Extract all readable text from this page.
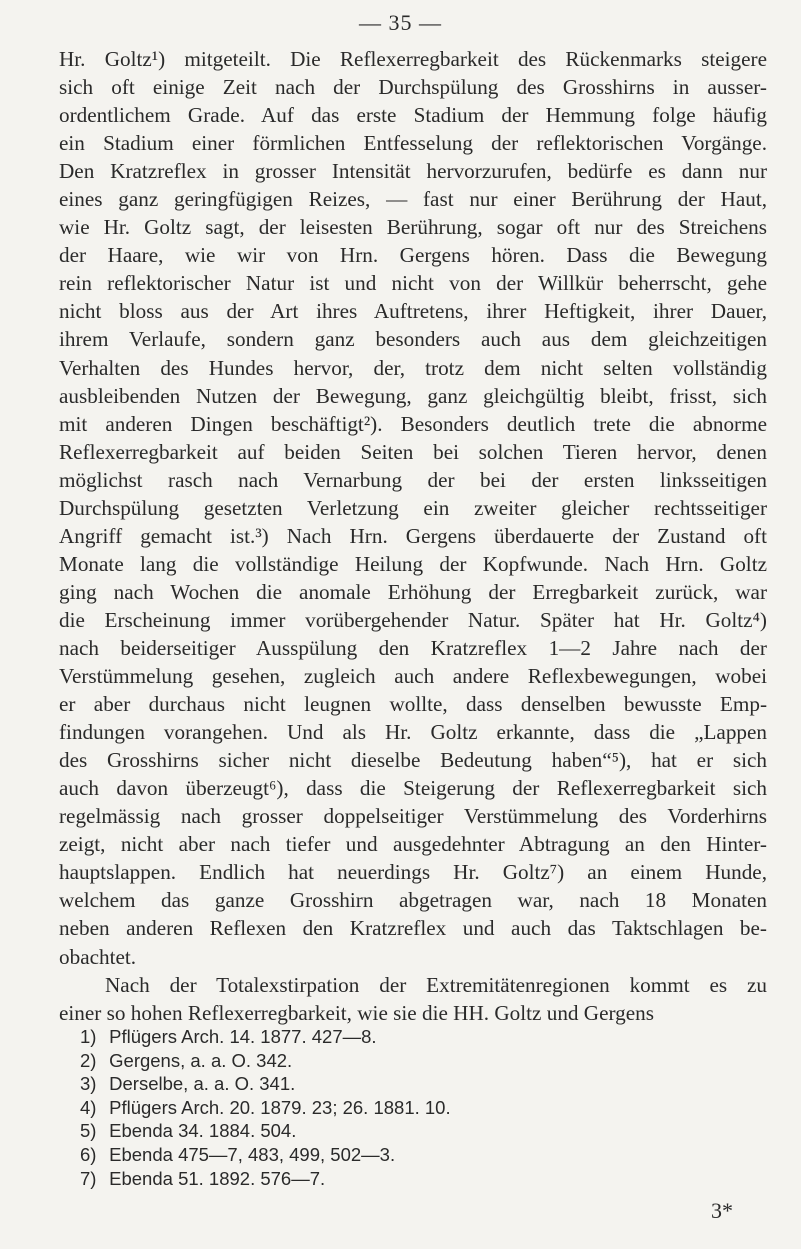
— 35 —

Hr. Goltz¹) mitgeteilt. Die Reflexerregbarkeit des Rückenmarks steigere
sich oft einige Zeit nach der Durchspülung des Grosshirns in ausser-
ordentlichem Grade. Auf das erste Stadium der Hemmung folge häufig
ein Stadium einer förmlichen Entfesselung der reflektorischen Vorgänge.
Den Kratzreflex in grosser Intensität hervorzurufen, bedürfe es dann nur
eines ganz geringfügigen Reizes, — fast nur einer Berührung der Haut,
wie Hr. Goltz sagt, der leisesten Berührung, sogar oft nur des Streichens
der Haare, wie wir von Hrn. Gergens hören. Dass die Bewegung
rein reflektorischer Natur ist und nicht von der Willkür beherrscht, gehe
nicht bloss aus der Art ihres Auftretens, ihrer Heftigkeit, ihrer Dauer,
ihrem Verlaufe, sondern ganz besonders auch aus dem gleichzeitigen
Verhalten des Hundes hervor, der, trotz dem nicht selten vollständig
ausbleibenden Nutzen der Bewegung, ganz gleichgültig bleibt, frisst, sich
mit anderen Dingen beschäftigt²). Besonders deutlich trete die abnorme
Reflexerregbarkeit auf beiden Seiten bei solchen Tieren hervor, denen
möglichst rasch nach Vernarbung der bei der ersten linksseitigen
Durchspülung gesetzten Verletzung ein zweiter gleicher rechtsseitiger
Angriff gemacht ist.³) Nach Hrn. Gergens überdauerte der Zustand oft
Monate lang die vollständige Heilung der Kopfwunde. Nach Hrn. Goltz
ging nach Wochen die anomale Erhöhung der Erregbarkeit zurück, war
die Erscheinung immer vorübergehender Natur. Später hat Hr. Goltz⁴)
nach beiderseitiger Ausspülung den Kratzreflex 1—2 Jahre nach der
Verstümmelung gesehen, zugleich auch andere Reflexbewegungen, wobei
er aber durchaus nicht leugnen wollte, dass denselben bewusste Emp-
findungen vorangehen. Und als Hr. Goltz erkannte, dass die „Lappen
des Grosshirns sicher nicht dieselbe Bedeutung haben“⁵), hat er sich
auch davon überzeugt⁶), dass die Steigerung der Reflexerregbarkeit sich
regelmässig nach grosser doppelseitiger Verstümmelung des Vorderhirns
zeigt, nicht aber nach tiefer und ausgedehnter Abtragung an den Hinter-
hauptslappen. Endlich hat neuerdings Hr. Goltz⁷) an einem Hunde,
welchem das ganze Grosshirn abgetragen war, nach 18 Monaten
neben anderen Reflexen den Kratzreflex und auch das Taktschlagen be-
obachtet.

Nach der Totalexstirpation der Extremitätenregionen kommt es zu
einer so hohen Reflexerregbarkeit, wie sie die HH. Goltz und Gergens

1) Pflügers Arch. 14. 1877. 427—8.
2) Gergens, a. a. O. 342.
3) Derselbe, a. a. O. 341.
4) Pflügers Arch. 20. 1879. 23; 26. 1881. 10.
5) Ebenda 34. 1884. 504.
6) Ebenda 475—7, 483, 499, 502—3.
7) Ebenda 51. 1892. 576—7.
3*
